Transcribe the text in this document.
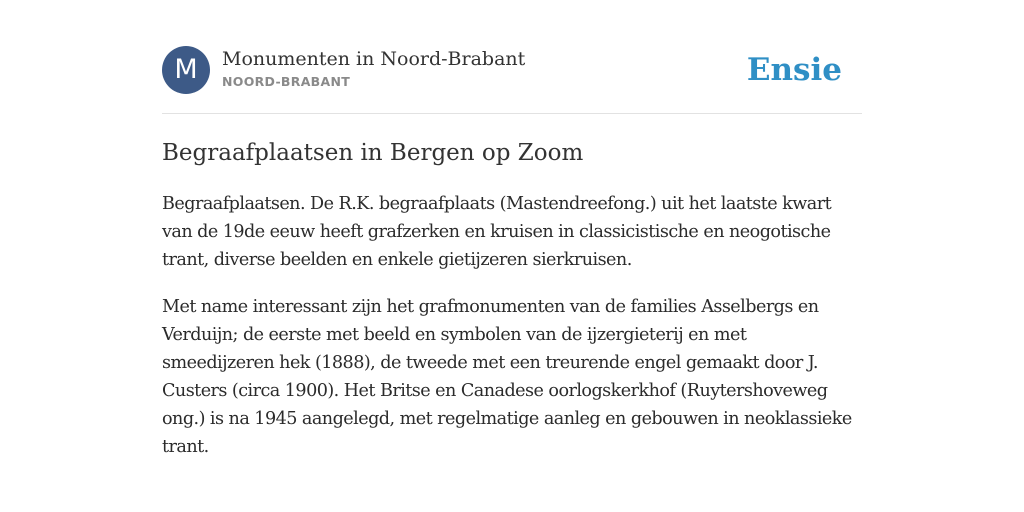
M	Monumenten in Noord-Brabant
NOORD-BRABANT	Ensie
Begraafplaatsen in Bergen op Zoom

Begraafplaatsen. De R.K. begraafplaats (Mastendreefong.) uit het laatste kwart van de 19de eeuw heeft grafzerken en kruisen in classicistische en neogotische trant, diverse beelden en enkele gietijzeren sierkruisen.

Met name interessant zijn het grafmonumenten van de families Asselbergs en Verduijn; de eerste met beeld en symbolen van de ijzergieterij en met smeedijzeren hek (1888), de tweede met een treurende engel gemaakt door J. Custers (circa 1900). Het Britse en Canadese oorlogskerkhof (Ruytershoveweg ong.) is na 1945 aangelegd, met regelmatige aanleg en gebouwen in neoklassieke trant.
